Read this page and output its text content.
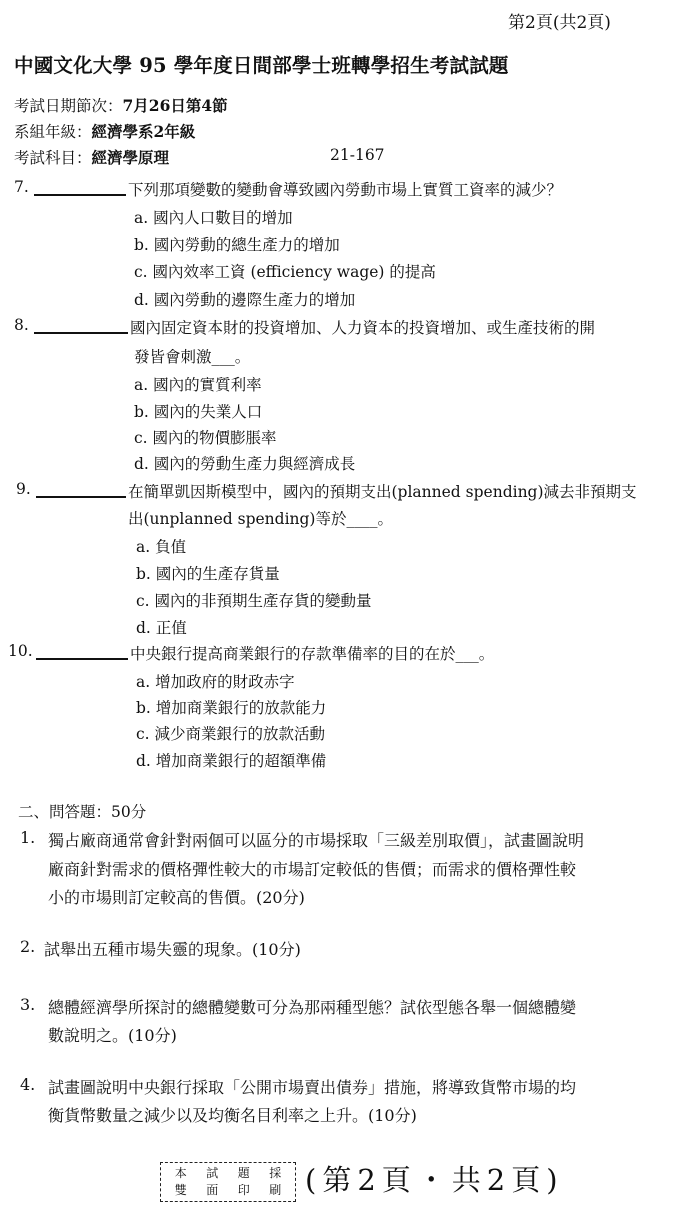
第2頁(共2頁)
中國文化大學 95 學年度日間部學士班轉學招生考試試題
考試日期節次：7月26日第4節
系組年級：經濟學系2年級
考試科目：經濟學原理	21-167
7.	下列那項變數的變動會導致國內勞動市場上實質工資率的減少？
a. 國內人口數目的增加
b. 國內勞動的總生產力的增加
c. 國內效率工資 (efficiency wage) 的提高
d. 國內勞動的邊際生產力的增加
8.	國內固定資本財的投資增加、人力資本的投資增加、或生產技術的開
發皆會刺激___。
a. 國內的實質利率
b. 國內的失業人口
c. 國內的物價膨脹率
d. 國內的勞動生產力與經濟成長
9.	在簡單凱因斯模型中，國內的預期支出(planned spending)減去非預期支
出(unplanned spending)等於____。
a. 負值
b. 國內的生產存貨量
c. 國內的非預期生產存貨的變動量
d. 正值
10.	中央銀行提高商業銀行的存款準備率的目的在於___。
a. 增加政府的財政赤字
b. 增加商業銀行的放款能力
c. 減少商業銀行的放款活動
d. 增加商業銀行的超額準備
二、問答題：50分
1. 獨占廠商通常會針對兩個可以區分的市場採取「三級差別取價」，試畫圖說明
廠商針對需求的價格彈性較大的市場訂定較低的售價；而需求的價格彈性較
小的市場則訂定較高的售價。(20分)
2. 試舉出五種市場失靈的現象。(10分)
3. 總體經濟學所探討的總體變數可分為那兩種型態？試依型態各舉一個總體變
數說明之。(10分)
4. 試畫圖說明中央銀行採取「公開市場賣出債券」措施，將導致貨幣市場的均
衡貨幣數量之減少以及均衡名目利率之上升。(10分)
本	試	題	採
雙	面	印	刷 (第2頁・共2頁)
